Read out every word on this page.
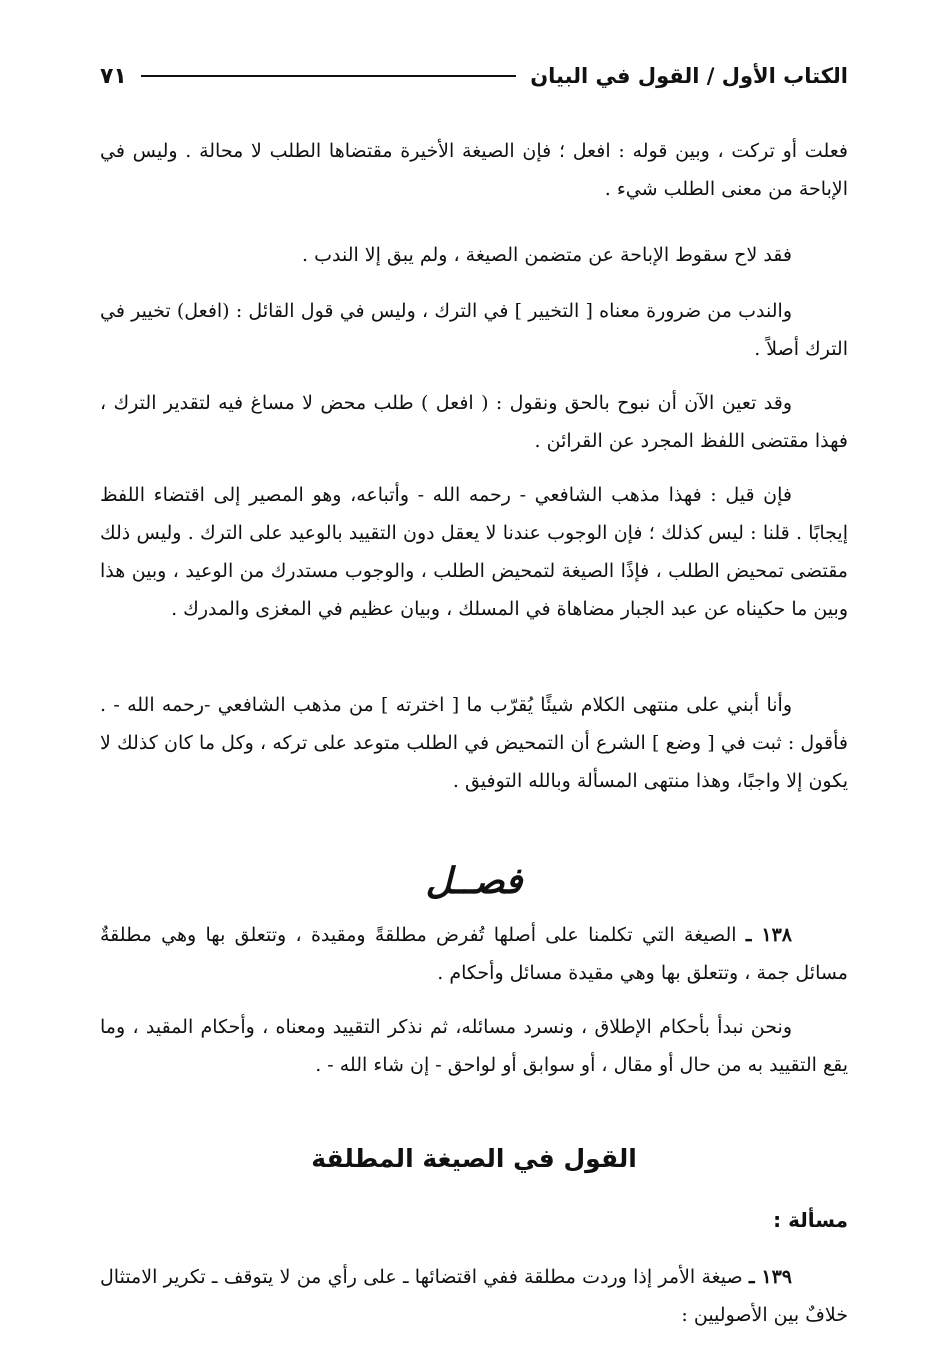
الكتاب الأول / القول في البيان
٧١

فعلت أو تركت ، وبين قوله : افعل ؛ فإن الصيغة الأخيرة مقتضاها الطلب لا محالة . وليس في الإباحة من معنى الطلب شيء .

فقد لاح سقوط الإباحة عن متضمن الصيغة ، ولم يبق إلا الندب .

والندب من ضرورة معناه [ التخيير ] في الترك ، وليس في قول القائل : (افعل) تخيير في الترك أصلاً .

وقد تعين الآن أن نبوح بالحق ونقول : ( افعل ) طلب محض لا مساغ فيه لتقدير الترك ، فهذا مقتضى اللفظ المجرد عن القرائن .

فإن قيل : فهذا مذهب الشافعي - رحمه الله - وأتباعه، وهو المصير إلى اقتضاء اللفظ إيجابًا . قلنا : ليس كذلك ؛ فإن الوجوب عندنا لا يعقل دون التقييد بالوعيد على الترك . وليس ذلك مقتضى تمحيض الطلب ، فإذًا الصيغة لتمحيض الطلب ، والوجوب مستدرك من الوعيد ، وبين هذا وبين ما حكيناه عن عبد الجبار مضاهاة في المسلك ، وبيان عظيم في المغزى والمدرك .

وأنا أبني على منتهى الكلام شيئًا يُقرّب ما [ اخترته ] من مذهب الشافعي -رحمه الله - . فأقول : ثبت في [ وضع ] الشرع أن التمحيض في الطلب متوعد على تركه ، وكل ما كان كذلك لا يكون إلا واجبًا، وهذا منتهى المسألة وبالله التوفيق .

فصــل

١٣٨ ـ الصيغة التي تكلمنا على أصلها تُفرض مطلقةً ومقيدة ، وتتعلق بها وهي مطلقةٌ مسائل جمة ، وتتعلق بها وهي مقيدة مسائل وأحكام .

ونحن نبدأ بأحكام الإطلاق ، ونسرد مسائله، ثم نذكر التقييد ومعناه ، وأحكام المقيد ، وما يقع التقييد به من حال أو مقال ، أو سوابق أو لواحق - إن شاء الله - .

القول في الصيغة المطلقة
مسألة :

١٣٩ ـ صيغة الأمر إذا وردت مطلقة ففي اقتضائها ـ على رأي من لا يتوقف ـ تكرير الامتثال خلافٌ بين الأصوليين :
